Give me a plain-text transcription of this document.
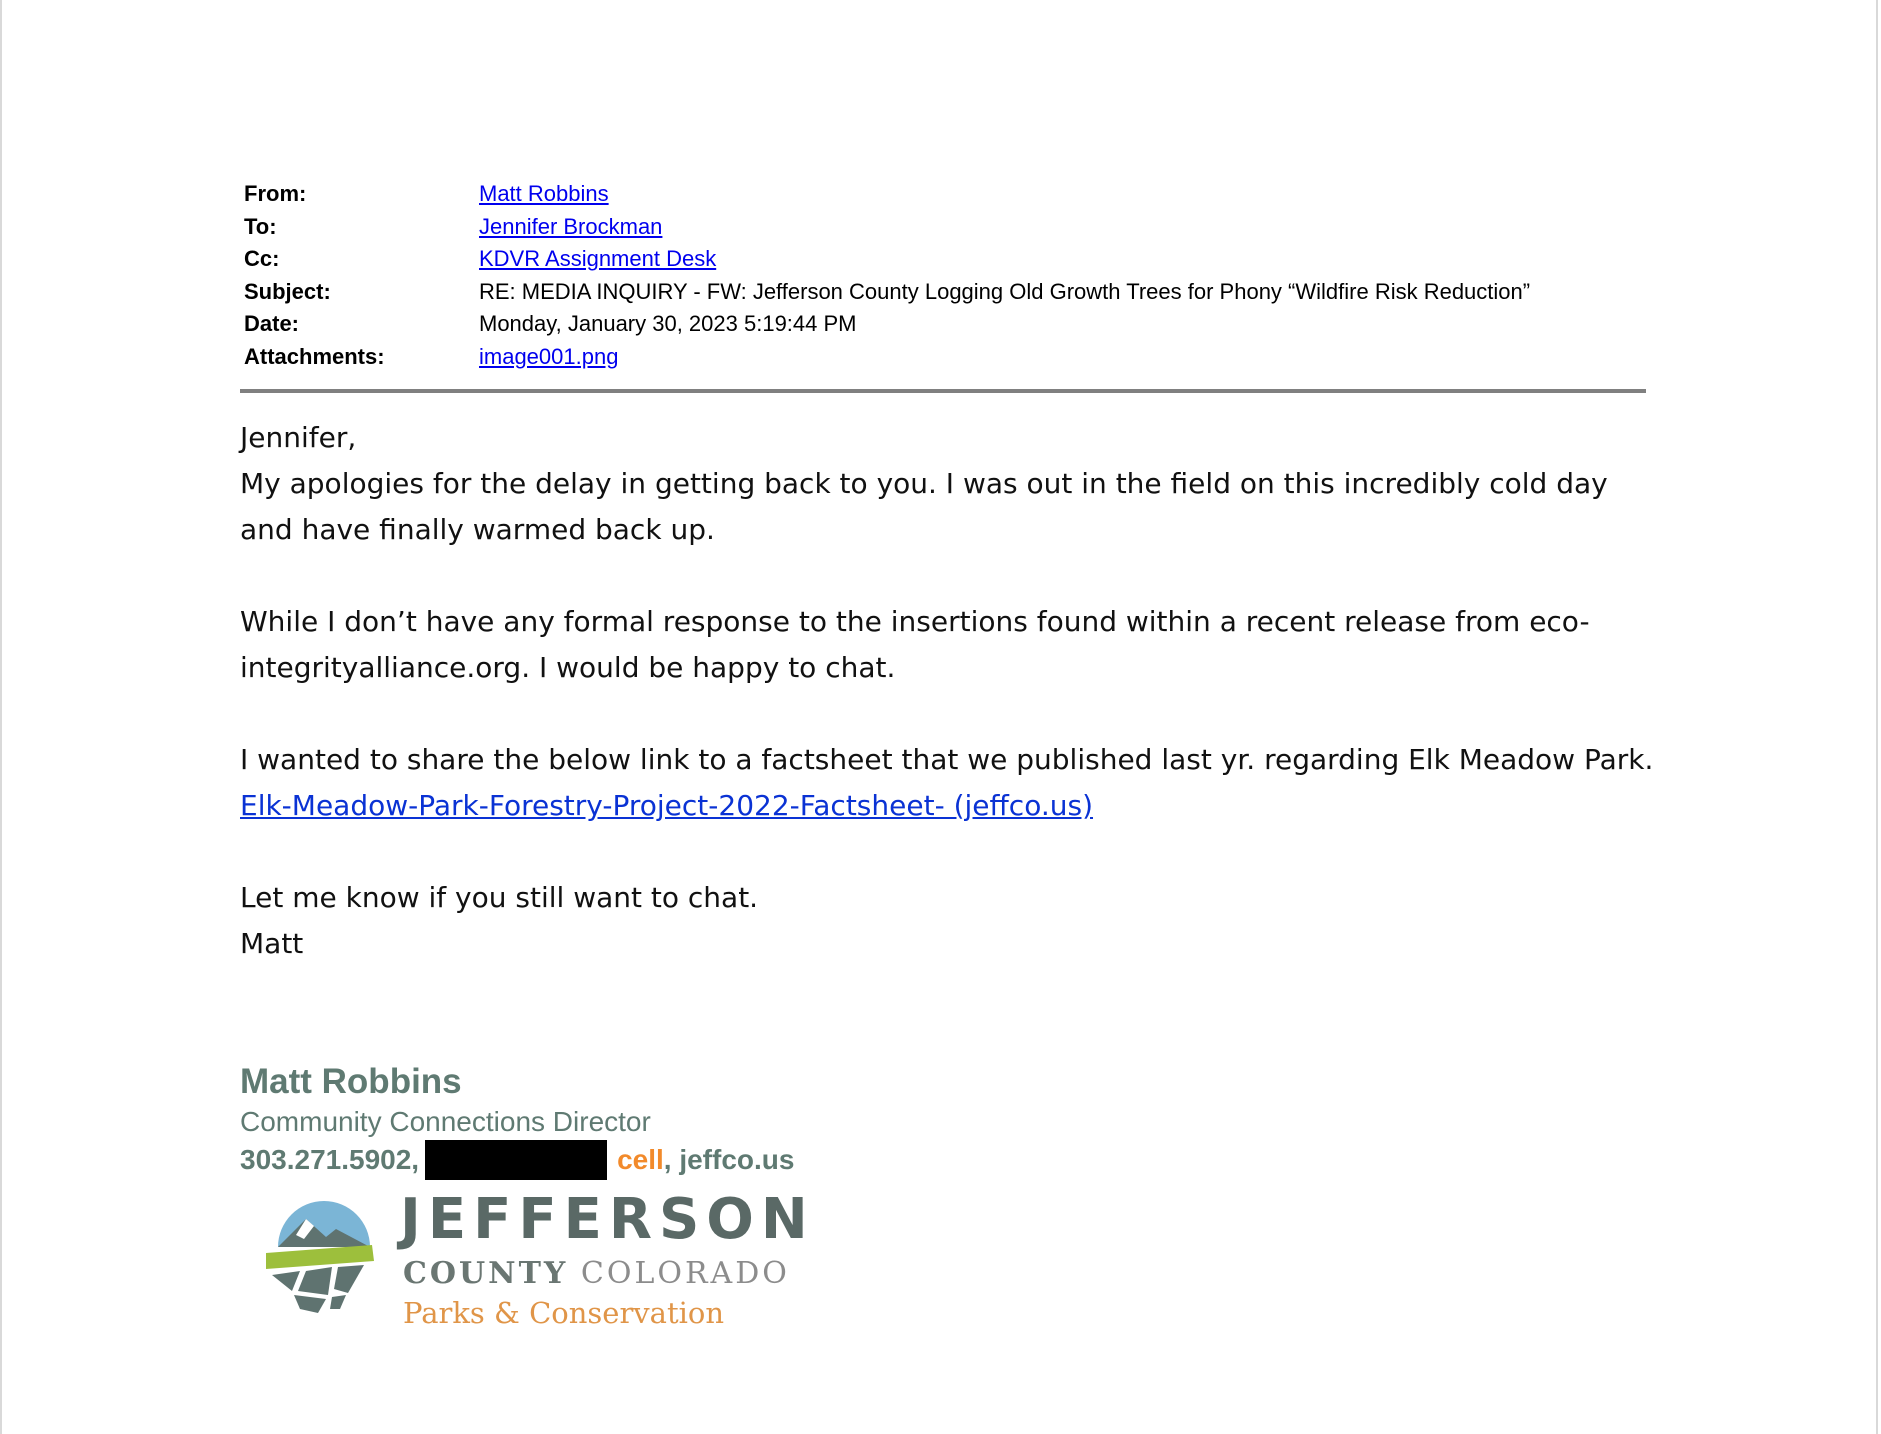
From:	Matt Robbins
To:	Jennifer Brockman
Cc:	KDVR Assignment Desk
Subject:	RE: MEDIA INQUIRY - FW: Jefferson County Logging Old Growth Trees for Phony “Wildfire Risk Reduction”
Date:	Monday, January 30, 2023 5:19:44 PM
Attachments:	image001.png

Jennifer,

My apologies for the delay in getting back to you. I was out in the field on this incredibly cold day and have finally warmed back up.

While I don’t have any formal response to the insertions found within a recent release from eco-integrityalliance.org. I would be happy to chat.

I wanted to share the below link to a factsheet that we published last yr. regarding Elk Meadow Park.

Elk-Meadow-Park-Forestry-Project-2022-Factsheet- (jeffco.us)

Let me know if you still want to chat.

Matt

Matt Robbins
Community Connections Director
303.271.5902,	cell ,
jeffco.us
JEFFERSON
COUNTY COLORADO
Parks & Conservation
